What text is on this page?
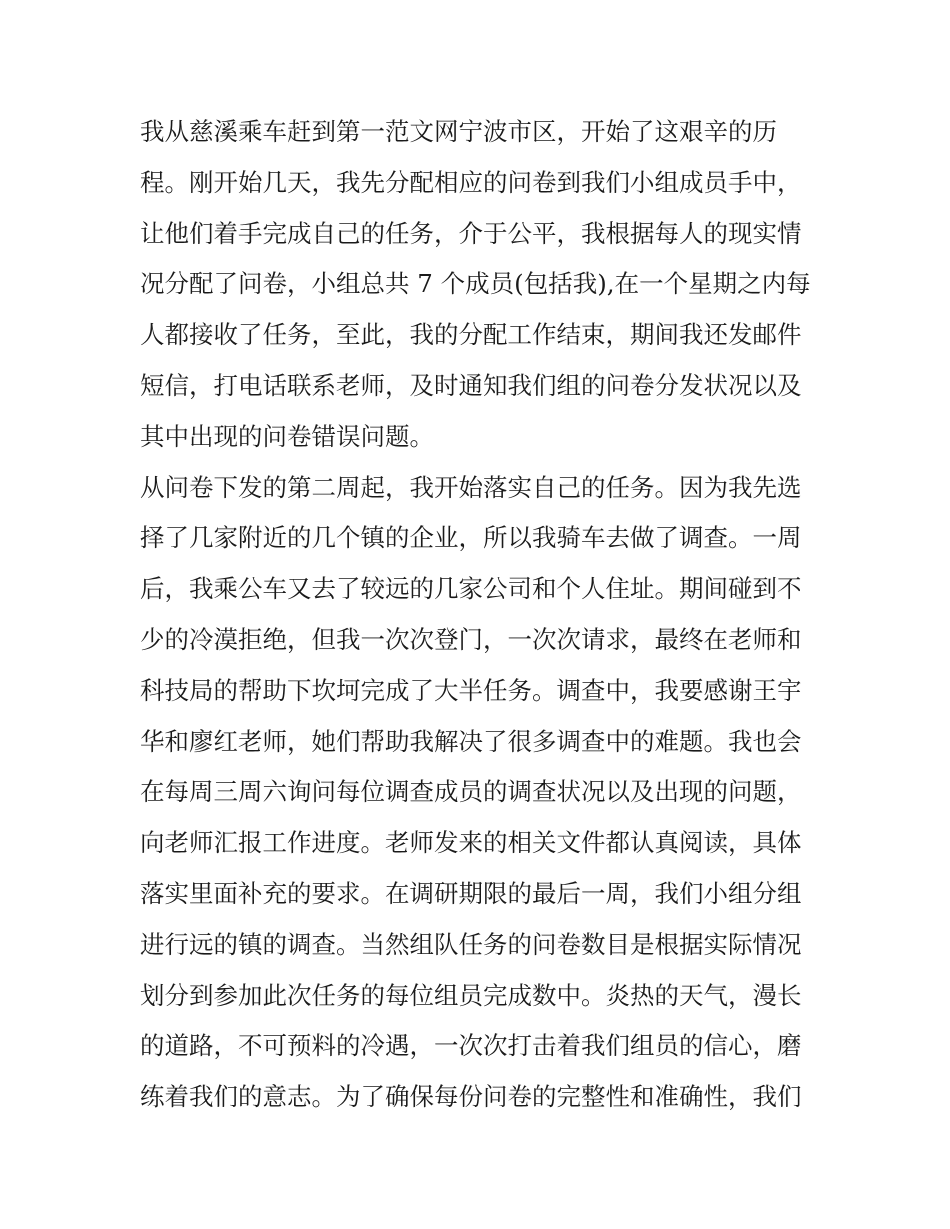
我从慈溪乘车赶到第一范文网宁波市区，开始了这艰辛的历
程。刚开始几天，我先分配相应的问卷到我们小组成员手中，
让他们着手完成自己的任务，介于公平，我根据每人的现实情
况分配了问卷，小组总共 7 个成员(包括我),在一个星期之内每
人都接收了任务，至此，我的分配工作结束，期间我还发邮件
短信，打电话联系老师，及时通知我们组的问卷分发状况以及
其中出现的问卷错误问题。
从问卷下发的第二周起，我开始落实自己的任务。因为我先选
择了几家附近的几个镇的企业，所以我骑车去做了调查。一周
后，我乘公车又去了较远的几家公司和个人住址。期间碰到不
少的冷漠拒绝，但我一次次登门，一次次请求，最终在老师和
科技局的帮助下坎坷完成了大半任务。调查中，我要感谢王宇
华和廖红老师，她们帮助我解决了很多调查中的难题。我也会
在每周三周六询问每位调查成员的调查状况以及出现的问题，
向老师汇报工作进度。老师发来的相关文件都认真阅读，具体
落实里面补充的要求。在调研期限的最后一周，我们小组分组
进行远的镇的调查。当然组队任务的问卷数目是根据实际情况
划分到参加此次任务的每位组员完成数中。炎热的天气，漫长
的道路，不可预料的冷遇，一次次打击着我们组员的信心，磨
练着我们的意志。为了确保每份问卷的完整性和准确性，我们
